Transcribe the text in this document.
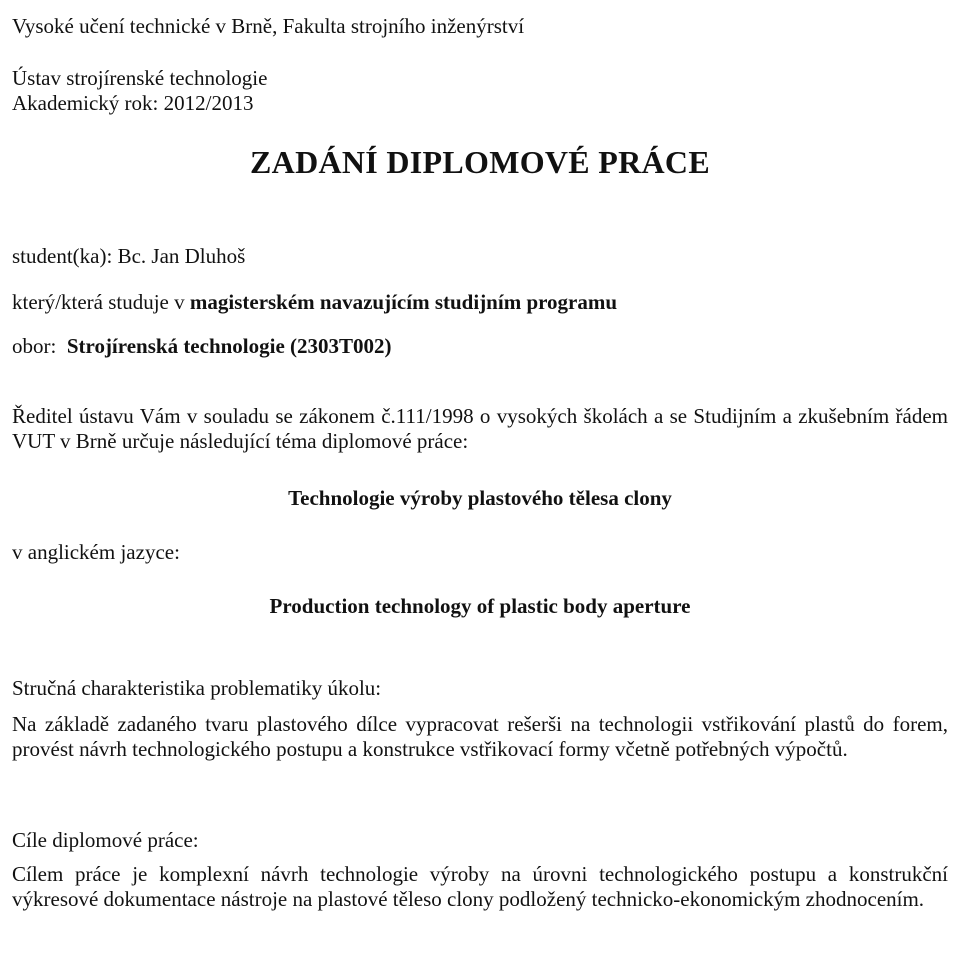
Vysoké učení technické v Brně, Fakulta strojního inženýrství
Ústav strojírenské technologie
Akademický rok: 2012/2013
ZADÁNÍ DIPLOMOVÉ PRÁCE
student(ka): Bc. Jan Dluhoš
který/která studuje v magisterském navazujícím studijním programu
obor:  Strojírenská technologie (2303T002)
Ředitel ústavu Vám v souladu se zákonem č.111/1998 o vysokých školách a se Studijním a zkušebním řádem VUT v Brně určuje následující téma diplomové práce:
Technologie výroby plastového tělesa clony
v anglickém jazyce:
Production technology of plastic body aperture
Stručná charakteristika problematiky úkolu:
Na základě zadaného tvaru plastového dílce vypracovat rešerši na technologii vstřikování plastů do forem, provést návrh technologického postupu a konstrukce vstřikovací formy včetně potřebných výpočtů.
Cíle diplomové práce:
Cílem práce je komplexní návrh technologie výroby na úrovni technologického postupu a konstrukční výkresové dokumentace nástroje na plastové těleso clony podložený technicko-ekonomickým zhodnocením.
